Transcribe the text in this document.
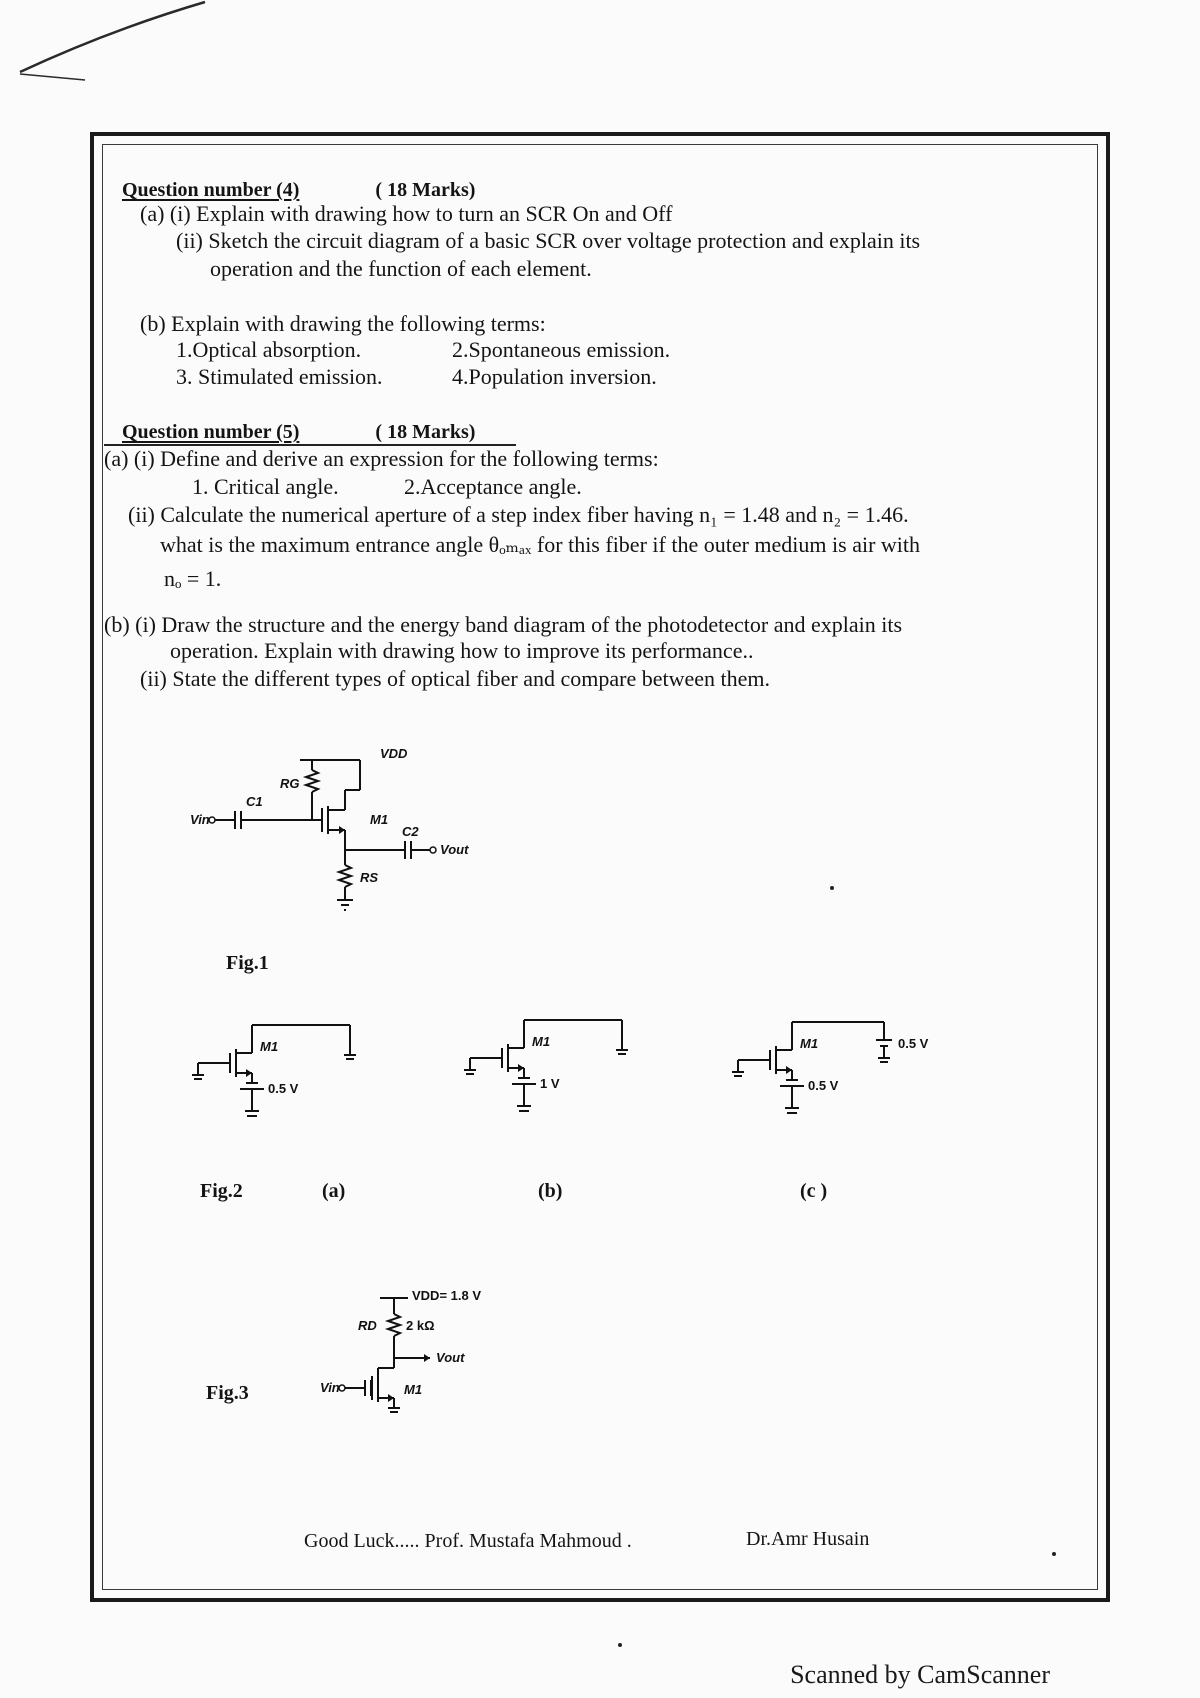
Question number (4)	( 18 Marks)
(a) (i) Explain with drawing how to turn an SCR On and Off
(ii) Sketch the circuit diagram of a basic SCR over voltage protection and explain its
operation and the function of each element.
(b) Explain with drawing the following terms:
1.Optical absorption.	2.Spontaneous emission.
3. Stimulated emission.	4.Population inversion.
Question number (5)	( 18 Marks)
(a) (i) Define and derive an expression for the following terms:
1. Critical angle.	2.Acceptance angle.
(ii) Calculate the numerical aperture of a step index fiber having n₁ = 1.48 and n₂ = 1.46.
what is the maximum entrance angle θₒₘₐₓ for this fiber if the outer medium is air with
nₒ = 1.
(b) (i) Draw the structure and the energy band diagram of the photodetector and explain its
operation. Explain with drawing how to improve its performance..
(ii) State the different types of optical fiber and compare between them.
VDD
RG
C1
M1
C2
Vin
Vout
RS
Fig.1
M1
0.5 V
M1
1 V
M1
0.5 V
0.5 V
Fig.2	(a)	(b)	(c )
VDD= 1.8 V
RD 2 kΩ
Vout
Vin	M1
Fig.3
Good Luck..... Prof. Mustafa Mahmoud .	Dr.Amr Husain
Scanned by CamScanner
